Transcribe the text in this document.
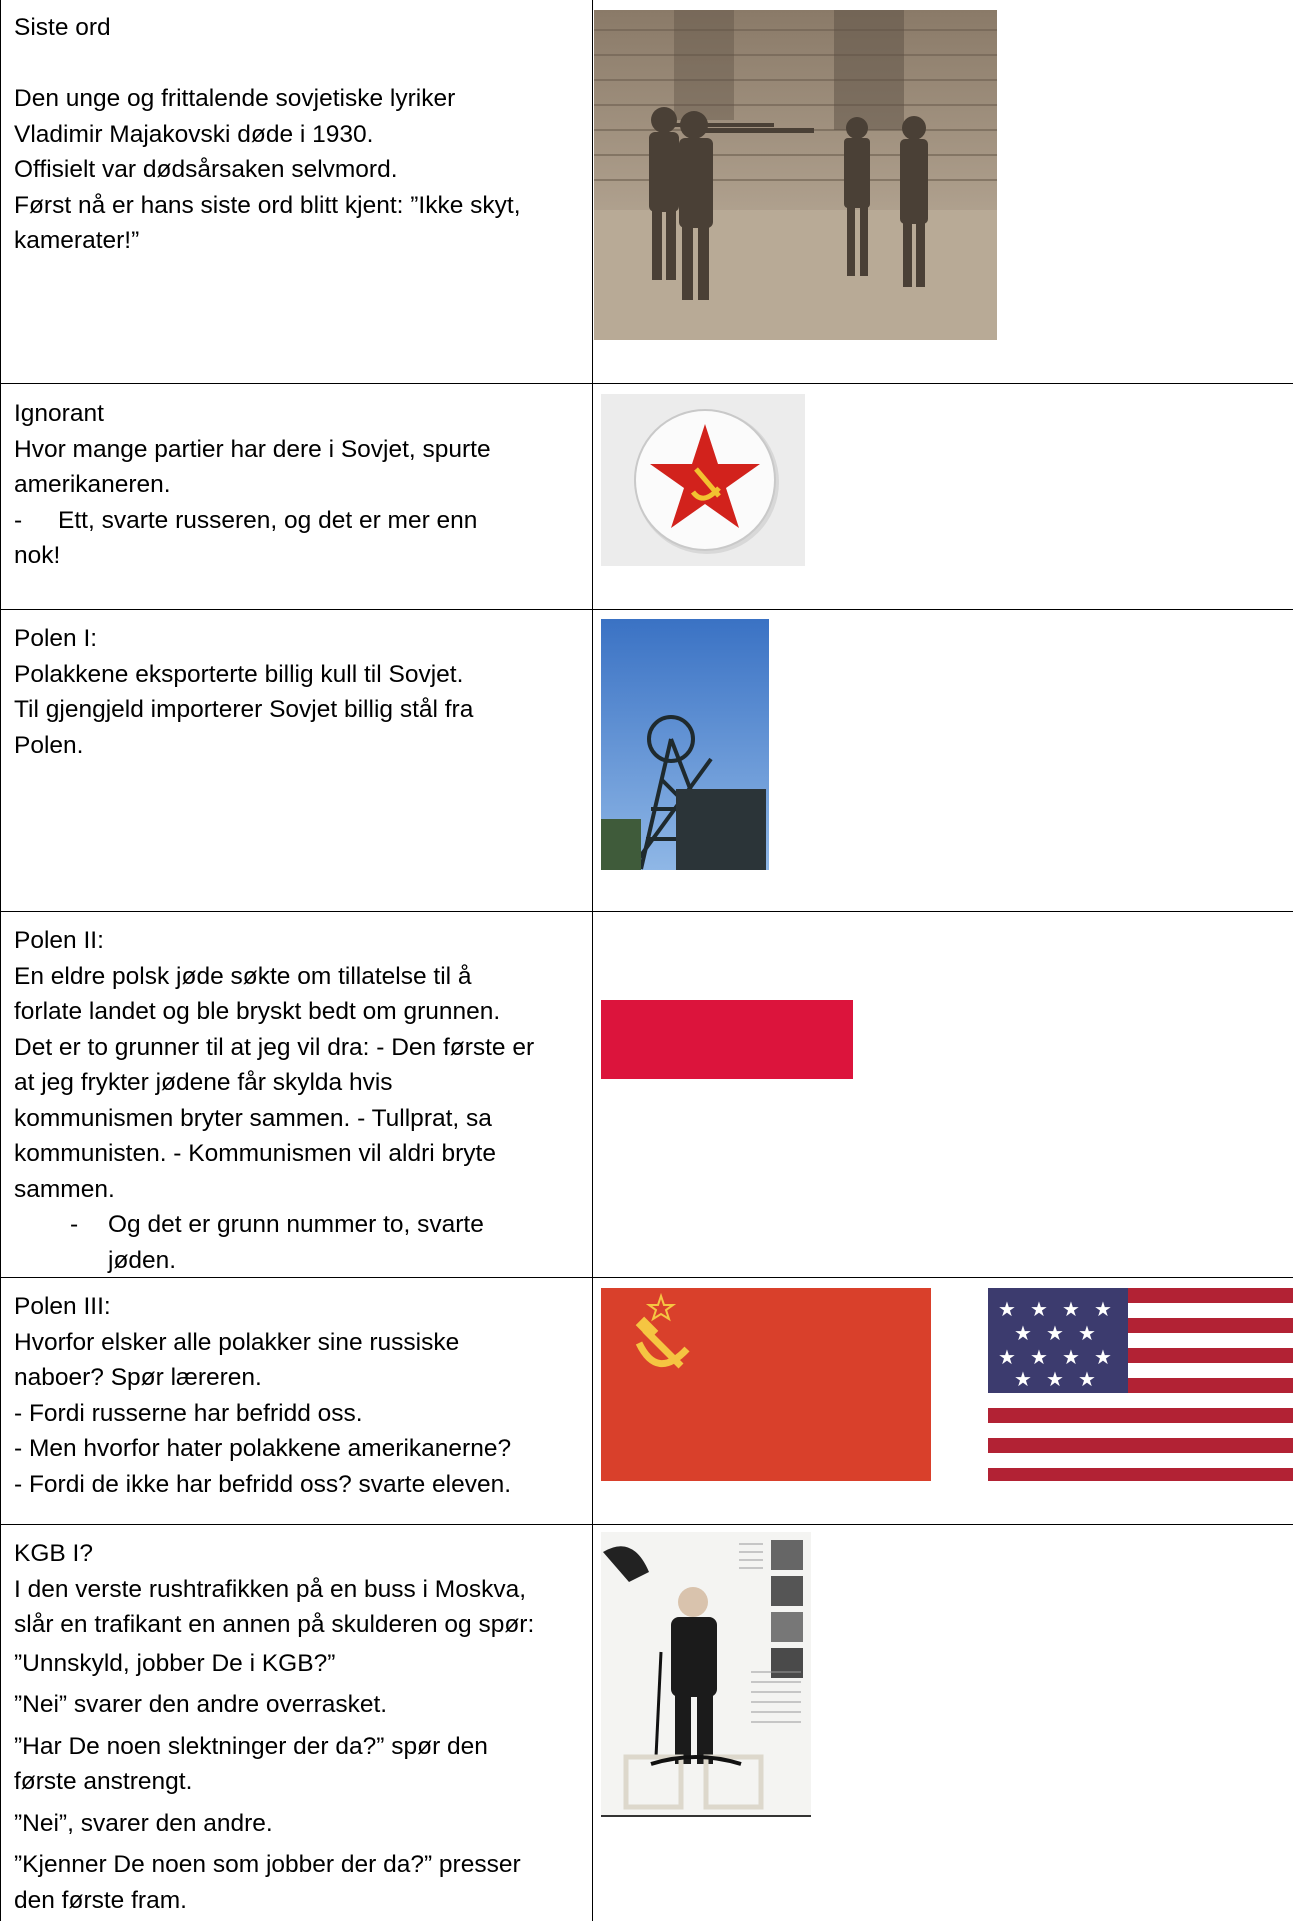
Siste ord

Den unge og frittalende sovjetiske lyriker

Vladimir Majakovski døde i 1930.

Offisielt var dødsårsaken selvmord.

Først nå er hans siste ord blitt kjent: ”Ikke skyt,

kamerater!”

Ignorant

Hvor mange partier har dere i Sovjet, spurte

amerikaneren.

- Ett, svarte russeren, og det er mer enn

nok!

Polen I:

Polakkene eksporterte billig kull til Sovjet.

Til gjengjeld importerer Sovjet billig stål fra

Polen.

Polen II:

En eldre polsk jøde søkte om tillatelse til å

forlate landet og ble bryskt bedt om grunnen.

Det er to grunner til at jeg vil dra: - Den første er

at jeg frykter jødene får skylda hvis

kommunismen bryter sammen. - Tullprat, sa

kommunisten. - Kommunismen vil aldri bryte

sammen.

- Og det er grunn nummer to, svarte
jøden.

Polen III:

Hvorfor elsker alle polakker sine russiske

naboer? Spør læreren.

- Fordi russerne har befridd oss.

- Men hvorfor hater polakkene amerikanerne?

- Fordi de ikke har befridd oss? svarte eleven.

★ ★ ★ ★
★ ★ ★
★ ★ ★ ★
★ ★ ★

KGB I?

I den verste rushtrafikken på en buss i Moskva,

slår en trafikant en annen på skulderen og spør:

”Unnskyld, jobber De i KGB?”

”Nei” svarer den andre overrasket.

”Har De noen slektninger der da?” spør den

første anstrengt.

”Nei”, svarer den andre.

”Kjenner De noen som jobber der da?” presser

den første fram.
